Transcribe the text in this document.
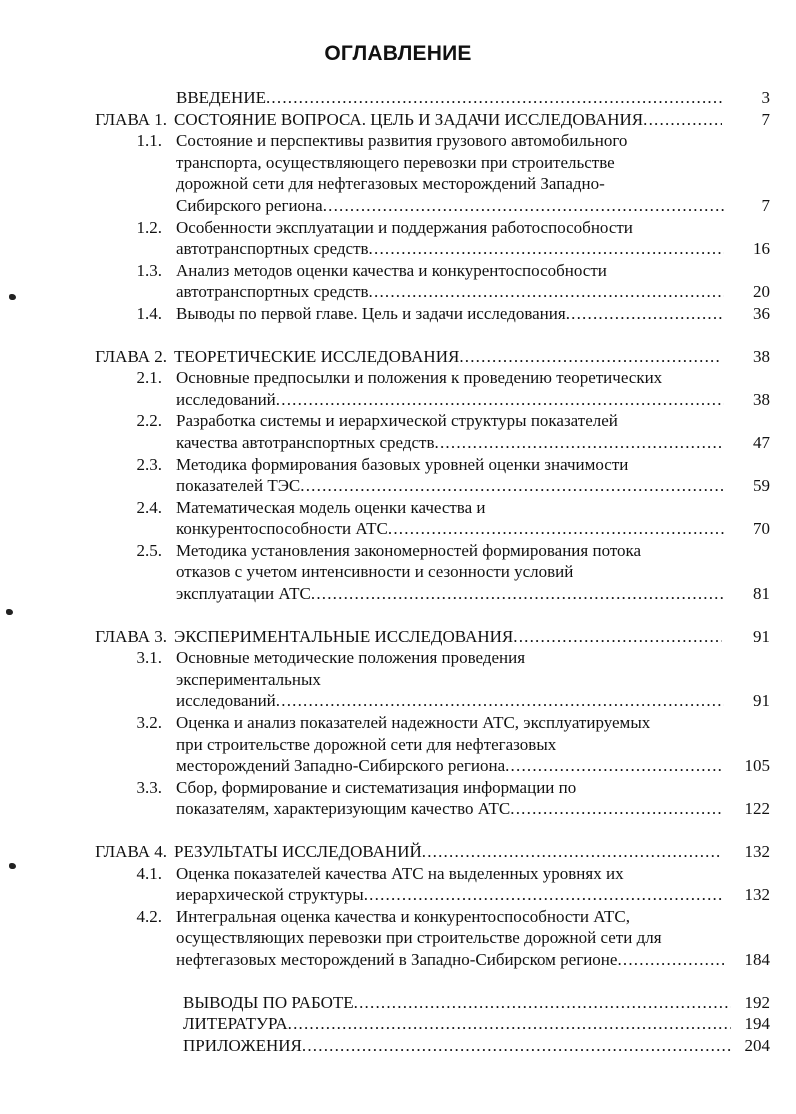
ОГЛАВЛЕНИЕ
ВВЕДЕНИЕ .....	3
ГЛАВА 1. СОСТОЯНИЕ ВОПРОСА. ЦЕЛЬ И ЗАДАЧИ ИССЛЕДОВАНИЯ .....	7
1.1. Состояние и перспективы развития грузового автомобильного
транспорта, осуществляющего перевозки при строительстве
дорожной сети для нефтегазовых месторождений Западно-
Сибирского региона .....	7
1.2. Особенности эксплуатации и поддержания работоспособности
автотранспортных средств .....	16
1.3. Анализ методов оценки качества и конкурентоспособности
автотранспортных средств .....	20
1.4. Выводы по первой главе. Цель и задачи исследования .....	36
ГЛАВА 2. ТЕОРЕТИЧЕСКИЕ ИССЛЕДОВАНИЯ .....	38
2.1. Основные предпосылки и положения к проведению теоретических
исследований .....	38
2.2. Разработка системы и иерархической структуры показателей
качества автотранспортных средств .....	47
2.3. Методика формирования базовых уровней оценки значимости
показателей ТЭС .....	59
2.4. Математическая модель оценки качества и
конкурентоспособности АТС .....	70
2.5. Методика установления закономерностей формирования потока
отказов с учетом интенсивности и сезонности условий
эксплуатации АТС .....	81
ГЛАВА 3. ЭКСПЕРИМЕНТАЛЬНЫЕ ИССЛЕДОВАНИЯ .....	91
3.1. Основные методические положения проведения
экспериментальных
исследований .....	91
3.2. Оценка и анализ показателей надежности АТС, эксплуатируемых
при строительстве дорожной сети для нефтегазовых
месторождений Западно-Сибирского региона .....	105
3.3. Сбор, формирование и систематизация информации по
показателям, характеризующим качество АТС .....	122
ГЛАВА 4. РЕЗУЛЬТАТЫ ИССЛЕДОВАНИЙ .....	132
4.1. Оценка показателей качества АТС на выделенных уровнях их
иерархической структуры .....	132
4.2. Интегральная оценка качества и конкурентоспособности АТС,
осуществляющих перевозки при строительстве дорожной сети для
нефтегазовых месторождений в Западно-Сибирском регионе .....	184
ВЫВОДЫ ПО РАБОТЕ .....	192
ЛИТЕРАТУРА .....	194
ПРИЛОЖЕНИЯ .....	204
